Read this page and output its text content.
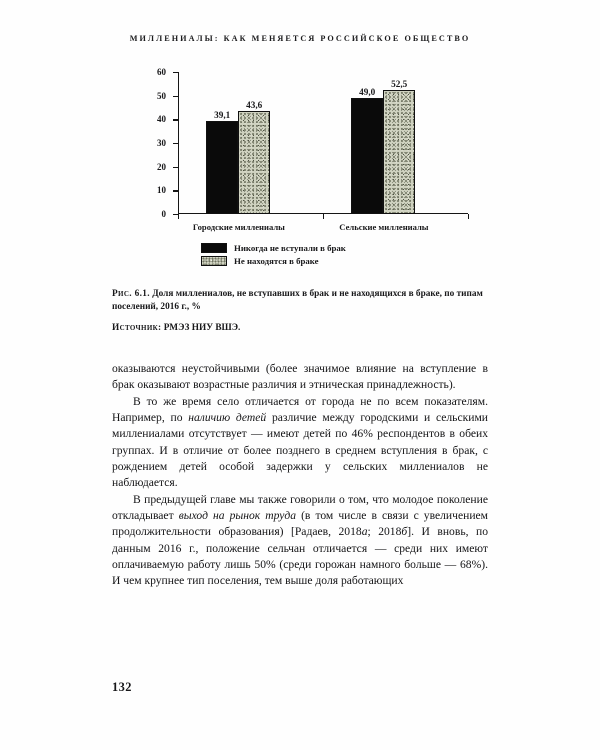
МИЛЛЕНИАЛЫ: КАК МЕНЯЕТСЯ РОССИЙСКОЕ ОБЩЕСТВО
0
10
20
30
40
50
60
39,1
43,6
49,0
52,5
Городские миллениалы	Сельские миллениалы
Никогда не вступали в брак
Не находятся в браке
Рис. 6.1. Доля миллениалов, не вступавших в брак и не находящихся в браке, по типам поселений, 2016 г., %
Источник: РМЭЗ НИУ ВШЭ.

оказываются неустойчивыми (более значимое влияние на вступление в брак оказывают возрастные различия и этническая принадлежность).

В то же время село отличается от города не по всем показателям. Например, по наличию детей различие между городскими и сельскими миллениалами отсутствует — имеют детей по 46% респондентов в обеих группах. И в отличие от более позднего в среднем вступления в брак, с рождением детей особой задержки у сельских миллениалов не наблюдается.

В предыдущей главе мы также говорили о том, что молодое поколение откладывает выход на рынок труда (в том числе в связи с увеличением продолжительности образования) [Радаев, 2018а; 2018б]. И вновь, по данным 2016 г., положение сельчан отличается — среди них имеют оплачиваемую работу лишь 50% (среди горожан намного больше — 68%). И чем крупнее тип поселения, тем выше доля работающих

132
